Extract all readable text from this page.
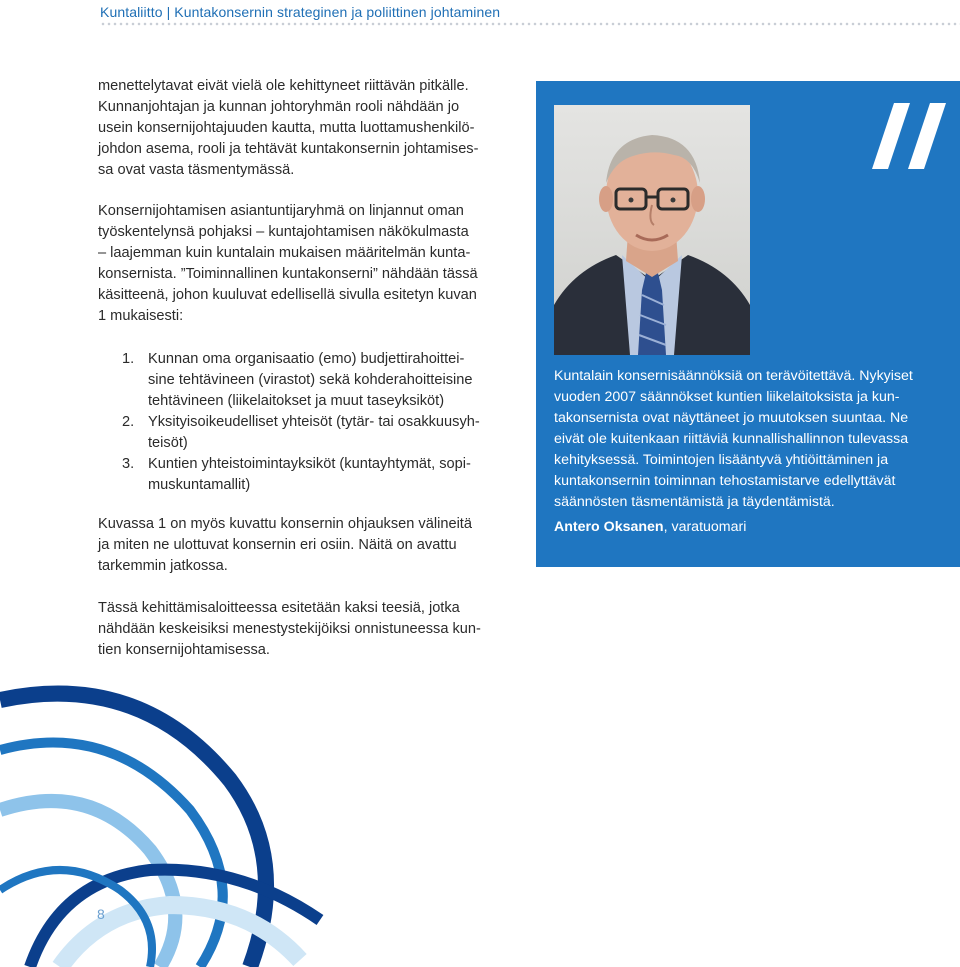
Kuntaliitto | Kuntakonsernin strateginen ja poliittinen johtaminen

menettelytavat eivät vielä ole kehittyneet riittävän pitkälle.

Kunnanjohtajan ja kunnan johtoryhmän rooli nähdään jo

usein konsernijohtajuuden kautta, mutta luottamushenkilö-

johdon asema, rooli ja tehtävät kuntakonsernin johtamises-

sa ovat vasta täsmentymässä.

Konsernijohtamisen asiantuntijaryhmä on linjannut oman

työskentelynsä pohjaksi – kuntajohtamisen näkökulmasta

– laajemman kuin kuntalain mukaisen määritelmän kunta-

konsernista. ”Toiminnallinen kuntakonserni” nähdään tässä

käsitteenä, johon kuuluvat edellisellä sivulla esitetyn kuvan

1 mukaisesti:

1. Kunnan oma organisaatio (emo) budjettirahoittei-
sine tehtävineen (virastot) sekä kohderahoitteisine
tehtävineen (liikelaitokset ja muut taseyksiköt)
2. Yksityisoikeudelliset yhteisöt (tytär- tai osakkuusyh-
teisöt)
3. Kuntien yhteistoimintayksiköt (kuntayhtymät, sopi-
muskuntamallit)

Kuvassa 1 on myös kuvattu konsernin ohjauksen välineitä

ja miten ne ulottuvat konsernin eri osiin. Näitä on avattu

tarkemmin jatkossa.

Tässä kehittämisaloitteessa esitetään kaksi teesiä, jotka

nähdään keskeisiksi menestystekijöiksi onnistuneessa kun-

tien konsernijohtamisessa.

Kuntalain konsernisäännöksiä on terävöitettävä. Nykyiset
vuoden 2007 säännökset kuntien liikelaitoksista ja kun-
takonsernista ovat näyttäneet jo muutoksen suuntaa. Ne
eivät ole kuitenkaan riittäviä kunnallishallinnon tulevassa
kehityksessä. Toimintojen lisääntyvä yhtiöittäminen ja
kuntakonsernin toiminnan tehostamistarve edellyttävät
säännösten täsmentämistä ja täydentämistä.
Antero Oksanen, varatuomari
8
